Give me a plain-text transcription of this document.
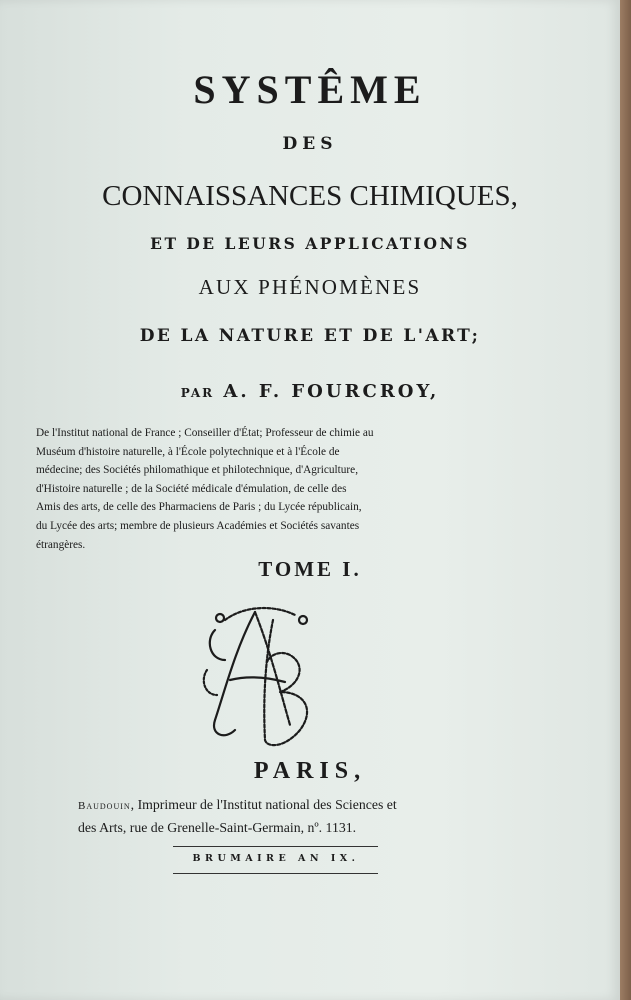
SYSTÊME
DES
CONNAISSANCES CHIMIQUES,
ET DE LEURS APPLICATIONS
AUX PHÉNOMÈNES
DE LA NATURE ET DE L'ART;
PAR A. F. FOURCROY,
De l'Institut national de France ; Conseiller d'État; Professeur de chimie au
Muséum d'histoire naturelle, à l'École polytechnique et à l'École de
médecine; des Sociétés philomathique et philotechnique, d'Agriculture,
d'Histoire naturelle ; de la Société médicale d'émulation, de celle des
Amis des arts, de celle des Pharmaciens de Paris ; du Lycée républicain,
du Lycée des arts; membre de plusieurs Académies et Sociétés savantes
étrangères.
TOME I.
PARIS,
Baudouin, Imprimeur de l'Institut national des Sciences et
des Arts, rue de Grenelle-Saint-Germain, nº. 1131.
BRUMAIRE AN IX.
